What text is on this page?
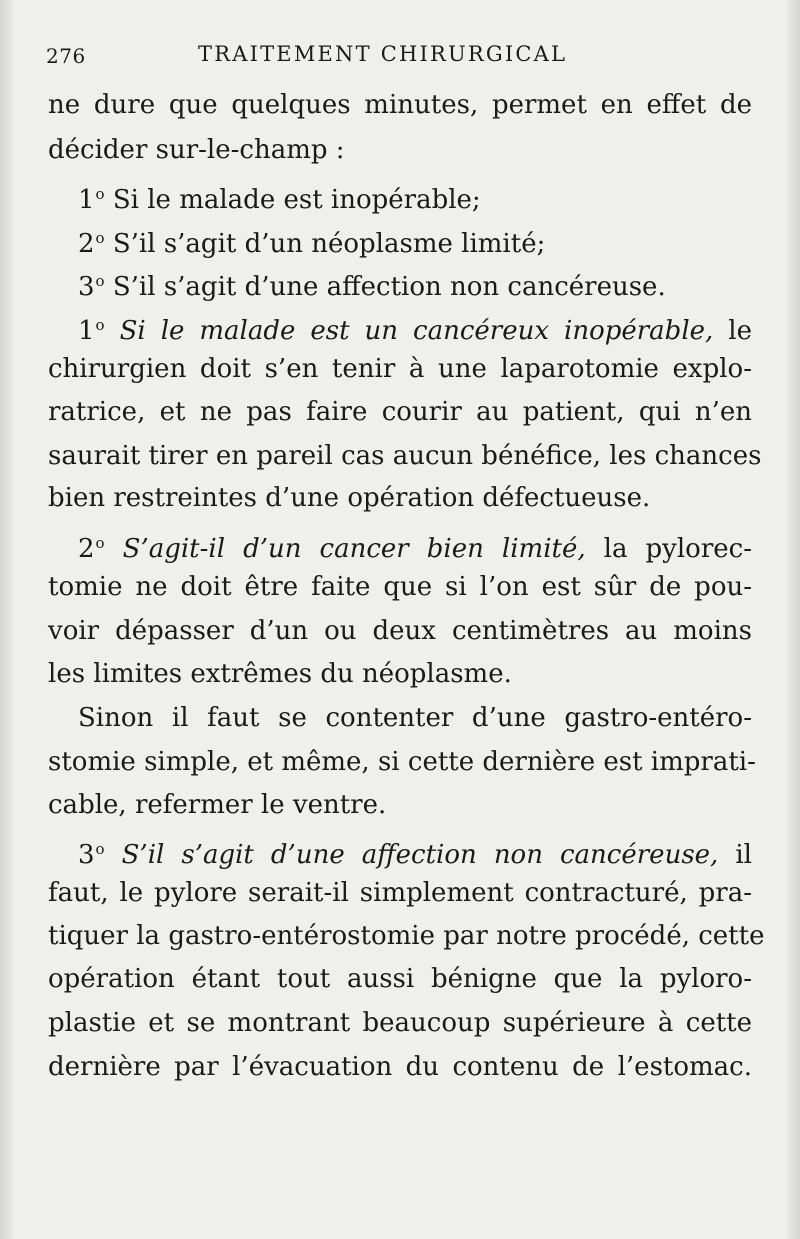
276	TRAITEMENT CHIRURGICAL
ne dure que quelques minutes, permet en effet de
décider sur-le-champ :
1$^o$ Si le malade est inopérable;
2$^o$ S’il s’agit d’un néoplasme limité;
3$^o$ S’il s’agit d’une affection non cancéreuse.
1$^o$ Si le malade est un cancéreux inopérable, le
chirurgien doit s’en tenir à une laparotomie explo-
ratrice, et ne pas faire courir au patient, qui n’en
saurait tirer en pareil cas aucun bénéfice, les chances
bien restreintes d’une opération défectueuse.
2$^o$ S’agit-il d’un cancer bien limité, la pylorec-
tomie ne doit être faite que si l’on est sûr de pou-
voir dépasser d’un ou deux centimètres au moins
les limites extrêmes du néoplasme.
Sinon il faut se contenter d’une gastro-entéro-
stomie simple, et même, si cette dernière est imprati-
cable, refermer le ventre.
3$^o$ S’il s’agit d’une affection non cancéreuse, il
faut, le pylore serait-il simplement contracturé, pra-
tiquer la gastro-entérostomie par notre procédé, cette
opération étant tout aussi bénigne que la pyloro-
plastie et se montrant beaucoup supérieure à cette
dernière par l’évacuation du contenu de l’estomac.
